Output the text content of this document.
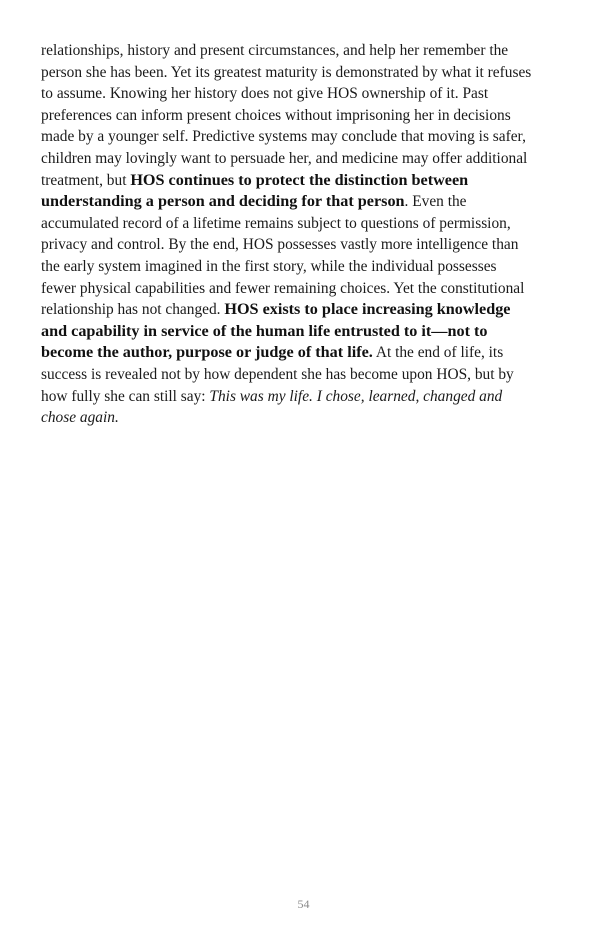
relationships, history and present circumstances, and help her remember the person she has been. Yet its greatest maturity is demonstrated by what it refuses to assume. Knowing her history does not give HOS ownership of it. Past preferences can inform present choices without imprisoning her in decisions made by a younger self. Predictive systems may conclude that moving is safer, children may lovingly want to persuade her, and medicine may offer additional treatment, but HOS continues to protect the distinction between understanding a person and deciding for that person. Even the accumulated record of a lifetime remains subject to questions of permission, privacy and control. By the end, HOS possesses vastly more intelligence than the early system imagined in the first story, while the individual possesses fewer physical capabilities and fewer remaining choices. Yet the constitutional relationship has not changed. HOS exists to place increasing knowledge and capability in service of the human life entrusted to it—not to become the author, purpose or judge of that life. At the end of life, its success is revealed not by how dependent she has become upon HOS, but by how fully she can still say: This was my life. I chose, learned, changed and chose again.

54
